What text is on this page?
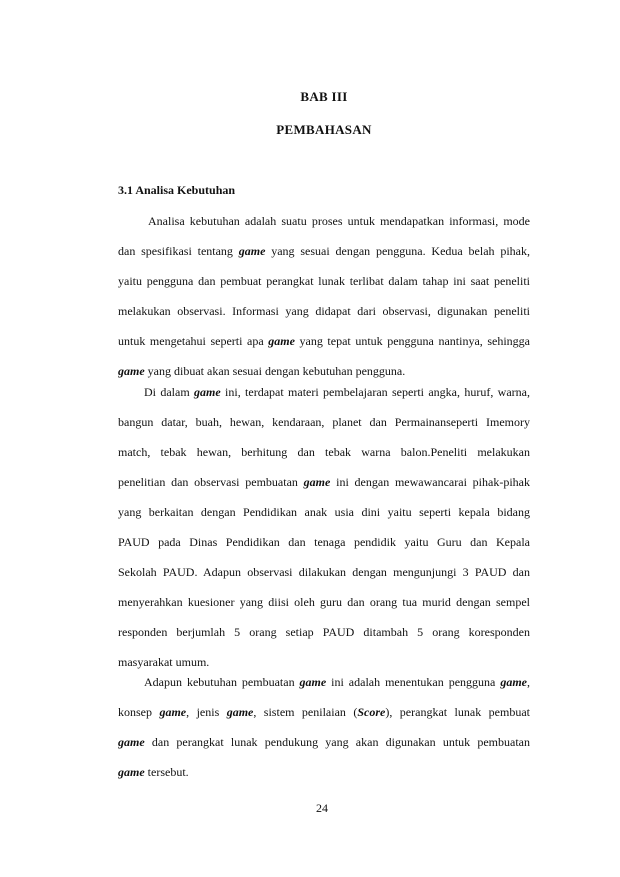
BAB III
PEMBAHASAN
3.1 Analisa Kebutuhan
Analisa kebutuhan adalah suatu proses untuk mendapatkan informasi, mode
dan spesifikasi tentang game yang sesuai dengan pengguna. Kedua belah pihak,
yaitu pengguna dan pembuat perangkat lunak terlibat dalam tahap ini saat peneliti
melakukan observasi. Informasi yang didapat dari observasi, digunakan peneliti
untuk mengetahui seperti apa game yang tepat untuk pengguna nantinya, sehingga
game yang dibuat akan sesuai dengan kebutuhan pengguna.
Di dalam game ini, terdapat materi pembelajaran seperti angka, huruf, warna,
bangun datar, buah, hewan, kendaraan, planet dan Permainanseperti Imemory
match, tebak hewan, berhitung dan tebak warna balon.Peneliti melakukan
penelitian dan observasi pembuatan game ini dengan mewawancarai pihak-pihak
yang berkaitan dengan Pendidikan anak usia dini yaitu seperti kepala bidang
PAUD pada Dinas Pendidikan dan tenaga pendidik yaitu Guru dan Kepala
Sekolah PAUD. Adapun observasi dilakukan dengan mengunjungi 3 PAUD dan
menyerahkan kuesioner yang diisi oleh guru dan orang tua murid dengan sempel
responden berjumlah 5 orang setiap PAUD ditambah 5 orang koresponden
masyarakat umum.
Adapun kebutuhan pembuatan game ini adalah menentukan pengguna game,
konsep game, jenis game, sistem penilaian (Score), perangkat lunak pembuat
game dan perangkat lunak pendukung yang akan digunakan untuk pembuatan
game tersebut.
24
